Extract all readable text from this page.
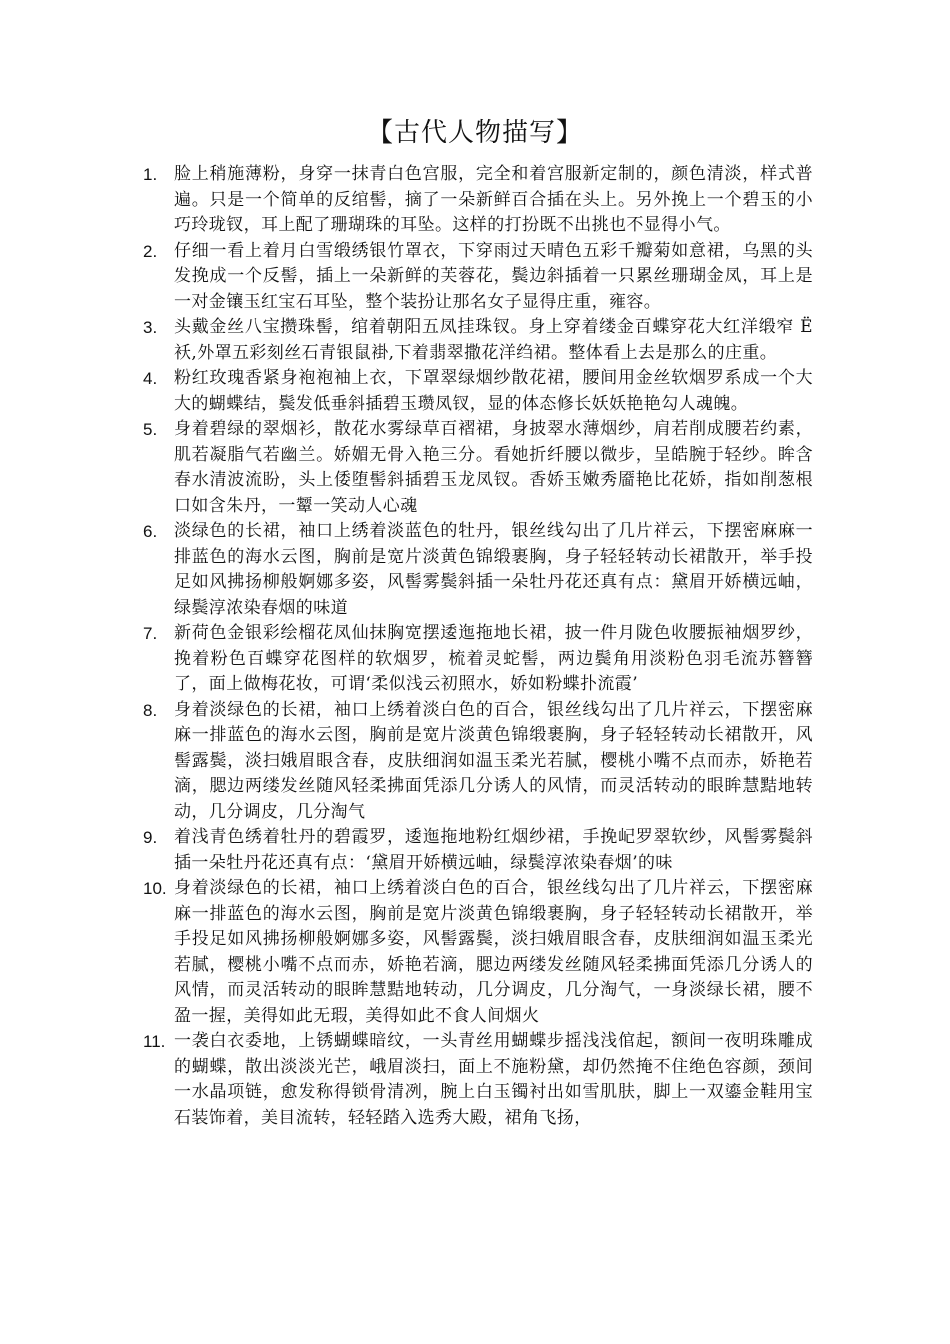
【古代人物描写】
1. 脸上稍施薄粉，身穿一抹青白色宫服，完全和着宫服新定制的，颜色清淡，样式普遍。只是一个简单的反绾髻，摘了一朵新鲜百合插在头上。另外挽上一个碧玉的小巧玲珑钗，耳上配了珊瑚珠的耳坠。这样的打扮既不出挑也不显得小气。
2. 仔细一看上着月白雪缎绣银竹罩衣，下穿雨过天晴色五彩千瓣菊如意裙，乌黑的头发挽成一个反髻，插上一朵新鲜的芙蓉花，鬓边斜插着一只累丝珊瑚金凤，耳上是一对金镶玉红宝石耳坠，整个装扮让那名女子显得庄重，雍容。
3. 头戴金丝八宝攒珠髻，绾着朝阳五凤挂珠钗。身上穿着缕金百蝶穿花大红洋缎窄 Ë 袄,外罩五彩刻丝石青银鼠褂,下着翡翠撒花洋绉裙。整体看上去是那么的庄重。
4. 粉红玫瑰香紧身袍袍袖上衣，下罩翠绿烟纱散花裙，腰间用金丝软烟罗系成一个大大的蝴蝶结，鬓发低垂斜插碧玉瓒凤钗，显的体态修长妖妖艳艳勾人魂魄。
5. 身着碧绿的翠烟衫，散花水雾绿草百褶裙，身披翠水薄烟纱，肩若削成腰若约素，肌若凝脂气若幽兰。娇媚无骨入艳三分。看她折纤腰以微步，呈皓腕于轻纱。眸含春水清波流盼，头上倭堕髻斜插碧玉龙凤钗。香娇玉嫩秀靥艳比花娇，指如削葱根口如含朱丹，一颦一笑动人心魂
6. 淡绿色的长裙，袖口上绣着淡蓝色的牡丹，银丝线勾出了几片祥云，下摆密麻麻一排蓝色的海水云图，胸前是宽片淡黄色锦缎裹胸，身子轻轻转动长裙散开，举手投足如风拂扬柳般婀娜多姿，风髻雾鬓斜插一朵牡丹花还真有点：黛眉开娇横远岫，绿鬓淳浓染春烟的味道
7. 新荷色金银彩绘榴花凤仙抹胸宽摆逶迤拖地长裙，披一件月陇色收腰振袖烟罗纱，挽着粉色百蝶穿花图样的软烟罗，梳着灵蛇髻，两边鬓角用淡粉色羽毛流苏簪簪了，面上做梅花妆，可谓‘柔似浅云初照水，娇如粉蝶扑流霞’
8. 身着淡绿色的长裙，袖口上绣着淡白色的百合，银丝线勾出了几片祥云，下摆密麻麻一排蓝色的海水云图，胸前是宽片淡黄色锦缎裹胸，身子轻轻转动长裙散开，风髻露鬓，淡扫娥眉眼含春，皮肤细润如温玉柔光若腻，樱桃小嘴不点而赤，娇艳若滴，腮边两缕发丝随风轻柔拂面凭添几分诱人的风情，而灵活转动的眼眸慧黠地转动，几分调皮，几分淘气
9. 着浅青色绣着牡丹的碧霞罗，逶迤拖地粉红烟纱裙，手挽屺罗翠软纱，风髻雾鬓斜插一朵牡丹花还真有点：‘黛眉开娇横远岫，绿鬓淳浓染春烟’的味
10. 身着淡绿色的长裙，袖口上绣着淡白色的百合，银丝线勾出了几片祥云，下摆密麻麻一排蓝色的海水云图，胸前是宽片淡黄色锦缎裹胸，身子轻轻转动长裙散开，举手投足如风拂扬柳般婀娜多姿，风髻露鬓，淡扫娥眉眼含春，皮肤细润如温玉柔光若腻，樱桃小嘴不点而赤，娇艳若滴，腮边两缕发丝随风轻柔拂面凭添几分诱人的风情，而灵活转动的眼眸慧黠地转动，几分调皮，几分淘气，一身淡绿长裙，腰不盈一握，美得如此无瑕，美得如此不食人间烟火
11. 一袭白衣委地，上锈蝴蝶暗纹，一头青丝用蝴蝶步摇浅浅倌起，额间一夜明珠雕成的蝴蝶，散出淡淡光芒，峨眉淡扫，面上不施粉黛，却仍然掩不住绝色容颜，颈间一水晶项链，愈发称得锁骨清冽，腕上白玉镯衬出如雪肌肤，脚上一双鎏金鞋用宝石装饰着，美目流转，轻轻踏入选秀大殿，裙角飞扬，
